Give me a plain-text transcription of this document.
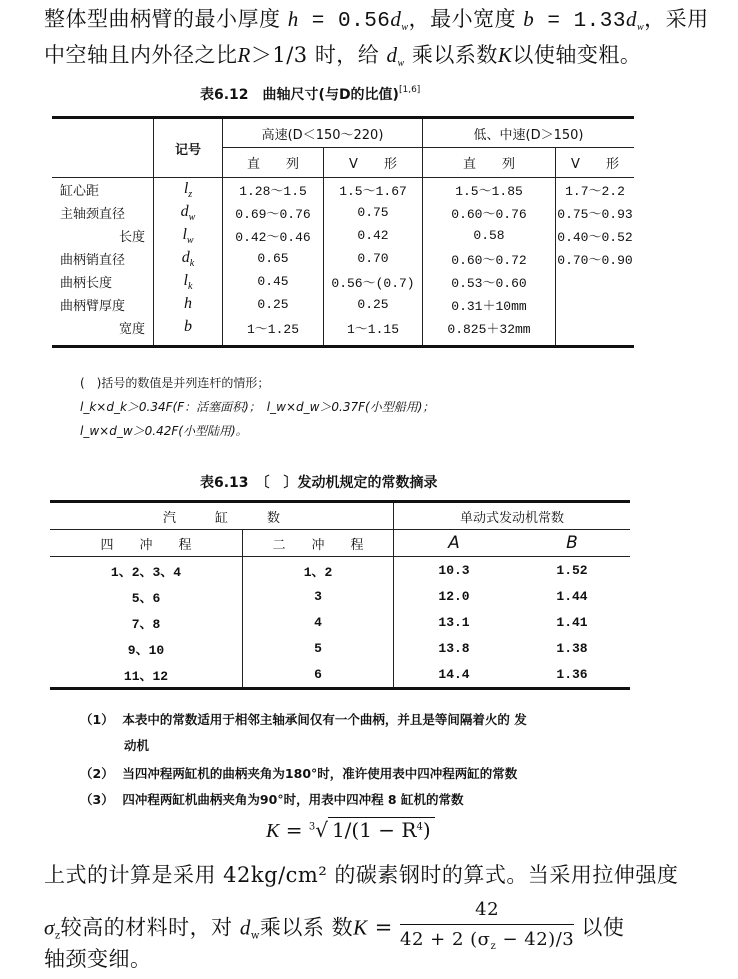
整体型曲柄臂的最小厚度 $h = 0.56d_w$，最小宽度 $b = 1.33d_w$，采用
中空轴且内外径之比R＞1/3 时，给 $d_w$ 乘以系数K以使轴变粗。
表6.12　曲轴尺寸(与D的比值)[1,6]
	记号	高速(D＜150～220)		低、中速(D＞150)	
		直　　列	V　　形	直　　列	V　　形
缸心距	$l_z$	1.28～1.5	1.5～1.67	1.5～1.85	1.7～2.2
主轴颈直径	$d_w$	0.69～0.76	0.75	0.60～0.76	0.75～0.93
长度	$l_w$	0.42～0.46	0.42	0.58	0.40～0.52
曲柄销直径	$d_k$	0.65	0.70	0.60～0.72	0.70～0.90
曲柄长度	$l_k$	0.45	0.56～(0.7)	0.53～0.60	
曲柄臂厚度	h	0.25	0.25	0.31＋10mm	
宽度	b	1～1.25	1～1.15	0.825＋32mm	

(　)括号的数值是并列连杆的情形；
l_k×d_k＞0.34F(F：活塞面积)；　l_w×d_w＞0.37F(小型船用)；
l_w×d_w＞0.42F(小型陆用)。
表6.13　〔　〕发动机规定的常数摘录
汽　　　缸　　　数		单动式发动机常数	
四　　冲　　程	二　　冲　　程	A	B
1、2、3、4	1、2	10.3	1.52
5、6	3	12.0	1.44
7、8	4	13.1	1.41
9、10	5	13.8	1.38
11、12	6	14.4	1.36
（1） 本表中的常数适用于相邻主轴承间仅有一个曲柄，并且是等间隔着火的 发
动机
（2） 当四冲程两缸机的曲柄夹角为180°时，准许使用表中四冲程两缸的常数
（3） 四冲程两缸机曲柄夹角为90°时，用表中四冲程 8 缸机的常数
K = $^3$√ $1/(1 - R^4)$
上式的计算是采用 42kg/cm² 的碳素钢时的算式。当采用拉伸强度
$\sigma_z$较高的材料时，对 $d_w$乘以系 数$K = \frac{42}{42 + 2 (\sigma_z - 42)/3}$ 以使
轴颈变细。
